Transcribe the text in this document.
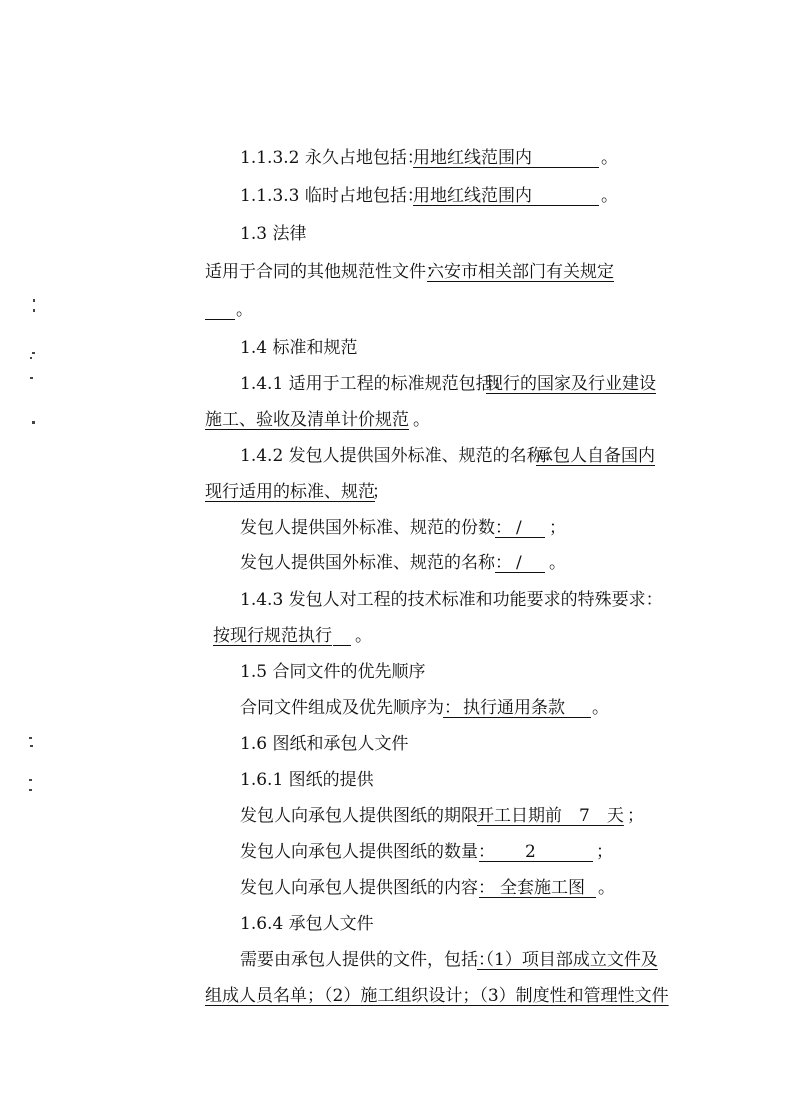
1.1.3.2 永久占地包括：
用地红线范围内	。
1.1.3.3 临时占地包括：
用地红线范围内	。
1.3 法律
适用于合同的其他规范性文件：
六安市相关部门有关规定
。
1.4 标准和规范
1.4.1 适用于工程的标准规范包括：
现行的国家及行业建设
施工、验收及清单计价规范 。
1.4.2 发包人提供国外标准、规范的名称：
承包人自备国内
现行适用的标准、规范
；
发包人提供国外标准、规范的份数： / ；
发包人提供国外标准、规范的名称： / 。
1.4.3 发包人对工程的技术标准和功能要求的特殊要求：
按现行规范执行 。
1.5 合同文件的优先顺序
合同文件组成及优先顺序为： 执行通用条款 。
1.6 图纸和承包人文件
1.6.1 图纸的提供
发包人向承包人提供图纸的期限：
开工日期前　7　天 ；
发包人向承包人提供图纸的数量： 2	；
发包人向承包人提供图纸的内容： 全套施工图 。
1.6.4 承包人文件
需要由承包人提供的文件，包括：
（1）项目部成立文件及
组成人员名单；（2）施工组织设计；（3）制度性和管理性文件
